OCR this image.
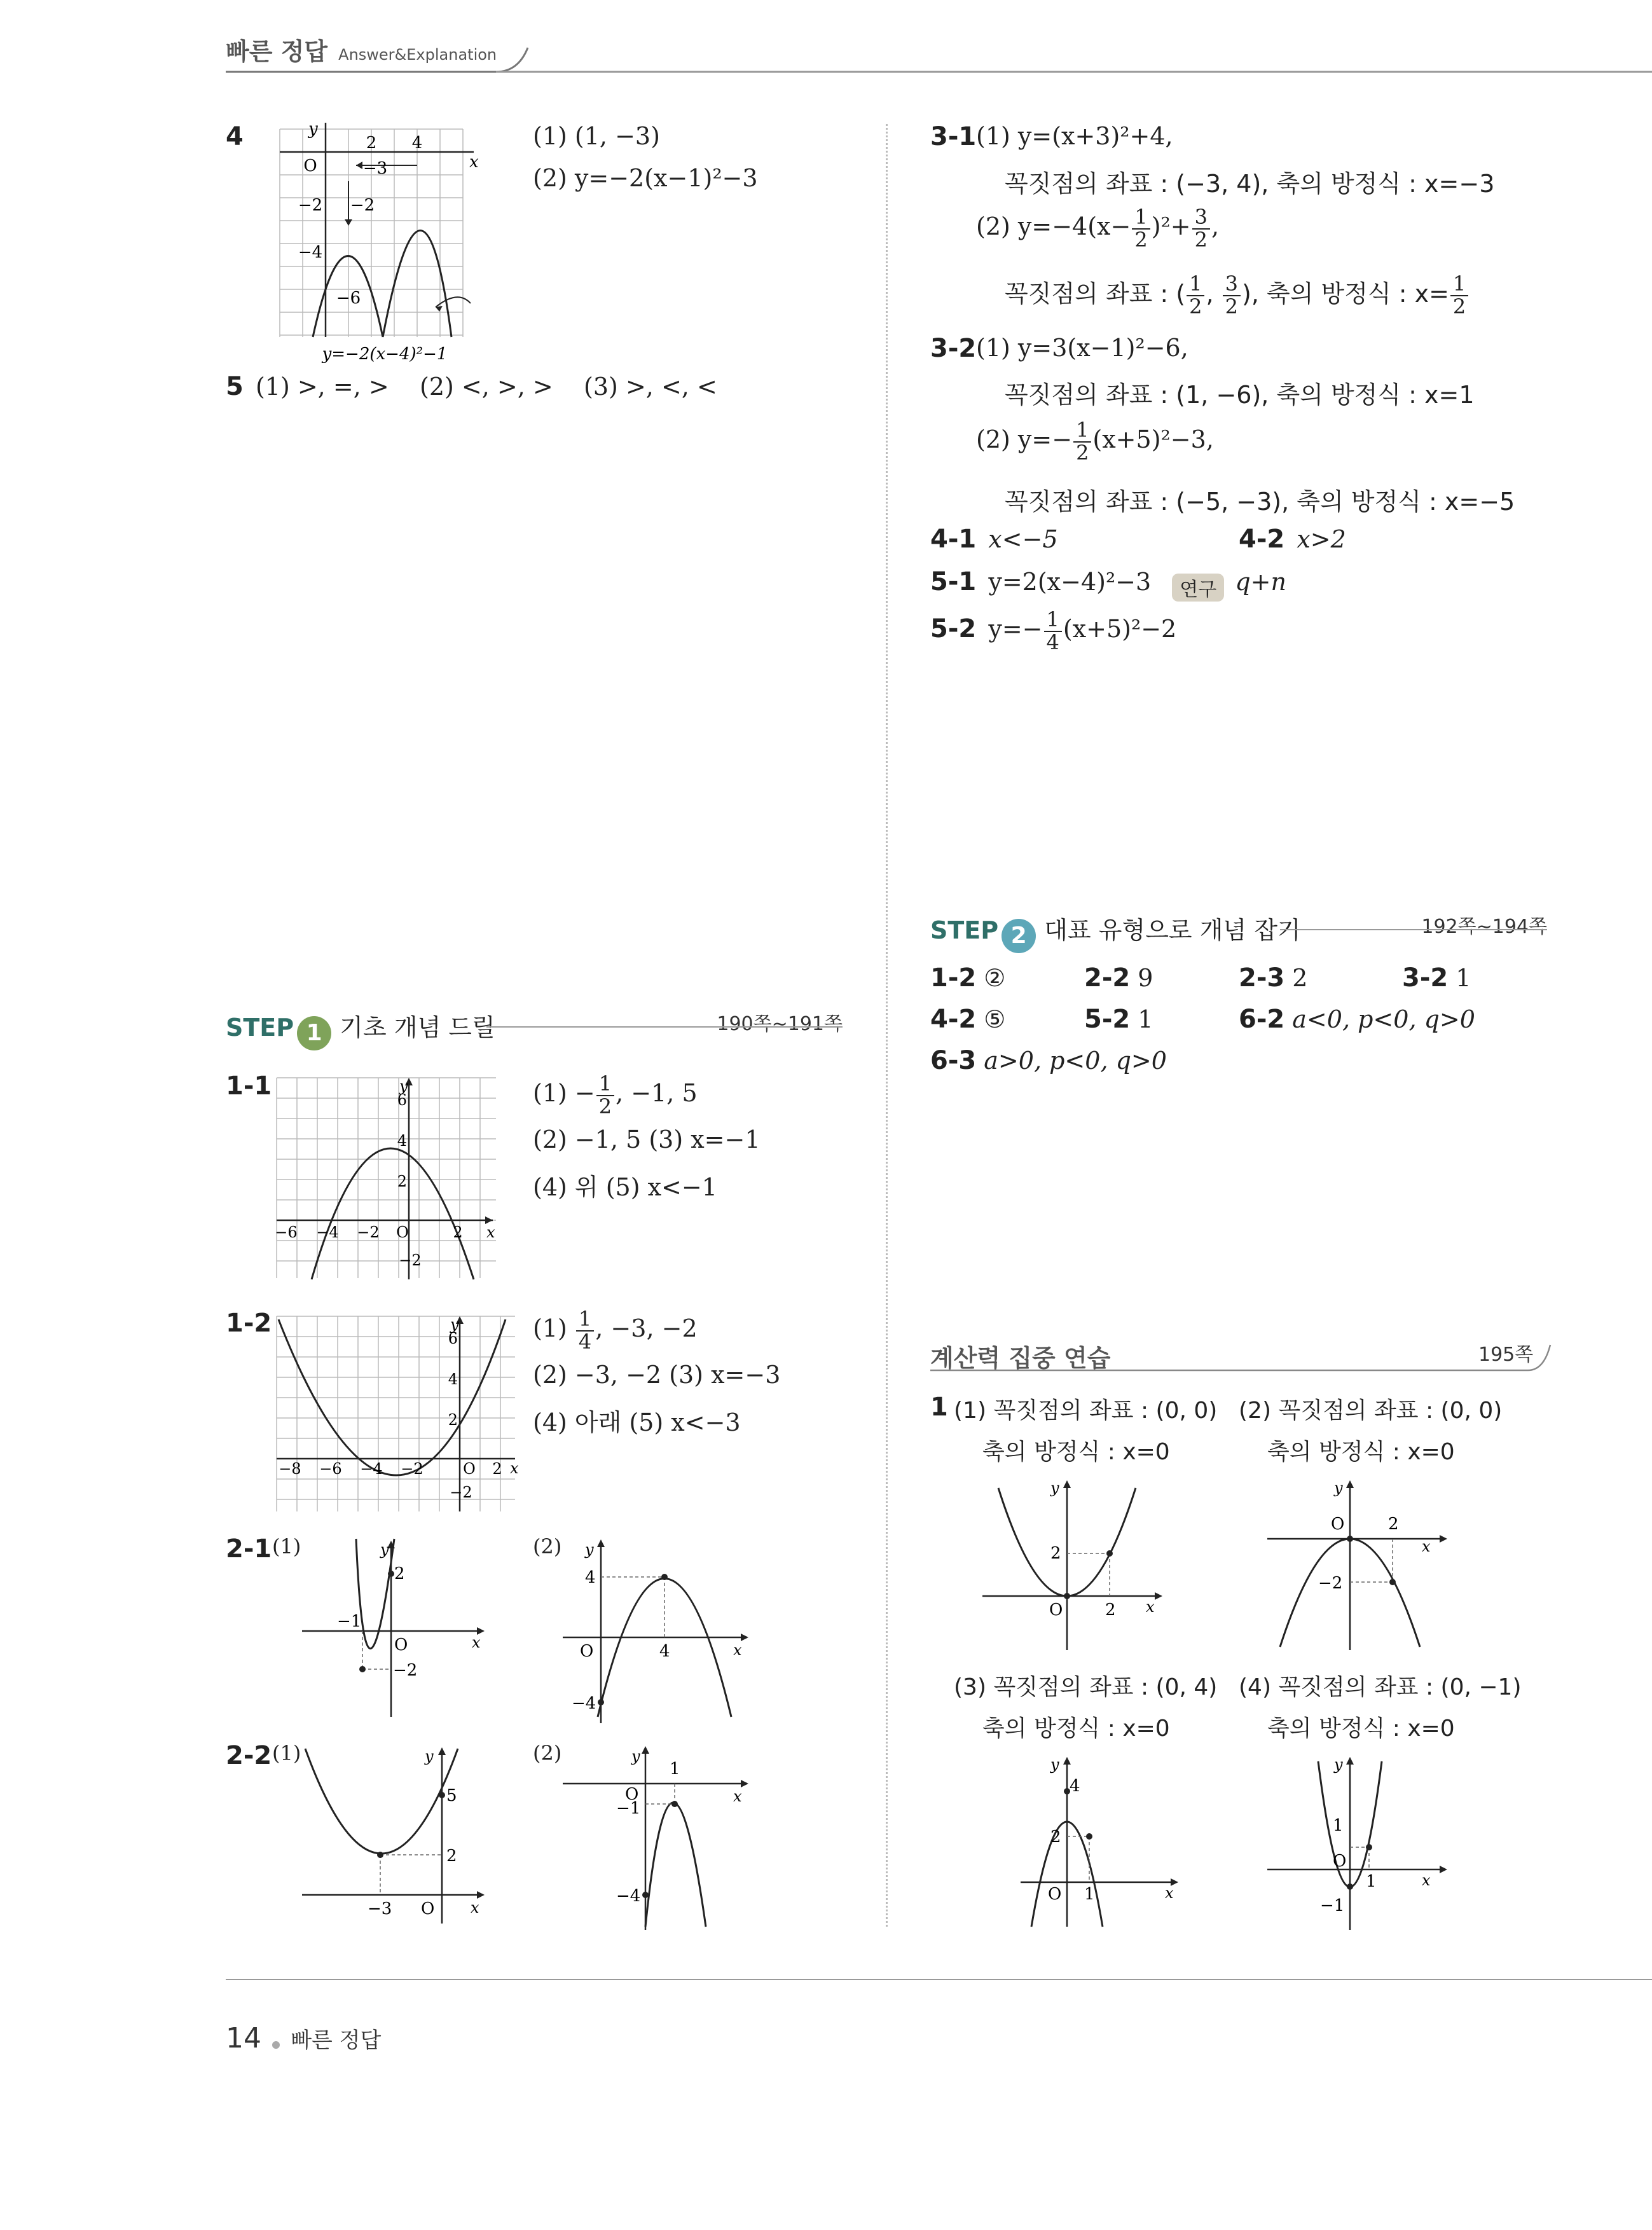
빠른 정답 Answer&Explanation
4	y
x
2 4
O	−3
−2 −2
−4
−6
y=−2(x−4)²−1
(1) (1, −3)
(2) y=−2(x−1)²−3
5 (1) >, =, >    (2) <, >, >    (3) >, <, <
STEP 1 기초 개념 드릴	190쪽∼191쪽
1-1	y
x
6
4
2
−2
−6 −4 −2 O	2
$(1) - \frac{1}{2}$ , −1, 5
(2) −1, 5 (3) x=−1
(4) 위 (5) x<−1
1-2	y
x
6
4
2
−2
−8 −6 −4 −2	O 2
$(1) \frac{1}{4}$ , −3, −2
(2) −3, −2 (3) x=−3
(4) 아래 (5) x<−3
2-1 (1)	y
x
2
−1
O
−2
(2) y
x
4
O	4
−4
2-2 (1)	y
x
5
2
−3 O
(2)	y
x
1
O
−1
−4
3-1 (1) y=(x+3)²+4,
꼭짓점의 좌표 : (−3, 4), 축의 방정식 : x=−3
(2) $y=-4(x- \frac{1}{2} )^2+ \frac{3}{2}$ ,
꼭짓점의 좌표 : ( $\frac{1}{2}$ , $\frac{3}{2}$ ), 축의 방정식 : $x= \frac{1}{2}$
3-2 (1) y=3(x−1)²−6,
꼭짓점의 좌표 : (1, −6), 축의 방정식 : x=1
(2) $y=- \frac{1}{2} (x+5)^2-3$,
꼭짓점의 좌표 : (−5, −3), 축의 방정식 : x=−5
4-1 x<−5	4-2 x>2
5-1 y=2(x−4)²−3 연구 q+n
5-2 $y=- \frac{1}{4} (x+5)^2-2$
STEP 2 대표 유형으로 개념 잡기	192쪽∼194쪽
1-2 ②	2-2 9	2-3 2	3-2 1
4-2 ⑤	5-2 1	6-2 a<0, p<0, q>0
6-3 a>0, p<0, q>0
계산력 집중 연습	195쪽
1 (1) 꼭짓점의 좌표 : (0, 0)
축의 방정식 : x=0
(2) 꼭짓점의 좌표 : (0, 0)
축의 방정식 : x=0
y
x
2
O	2
y
x
O	2
−2
(3) 꼭짓점의 좌표 : (0, 4)
축의 방정식 : x=0
(4) 꼭짓점의 좌표 : (0, −1)
축의 방정식 : x=0
y
x
4
2
O 1
y
x
1
O
1
−1
14 빠른 정답
